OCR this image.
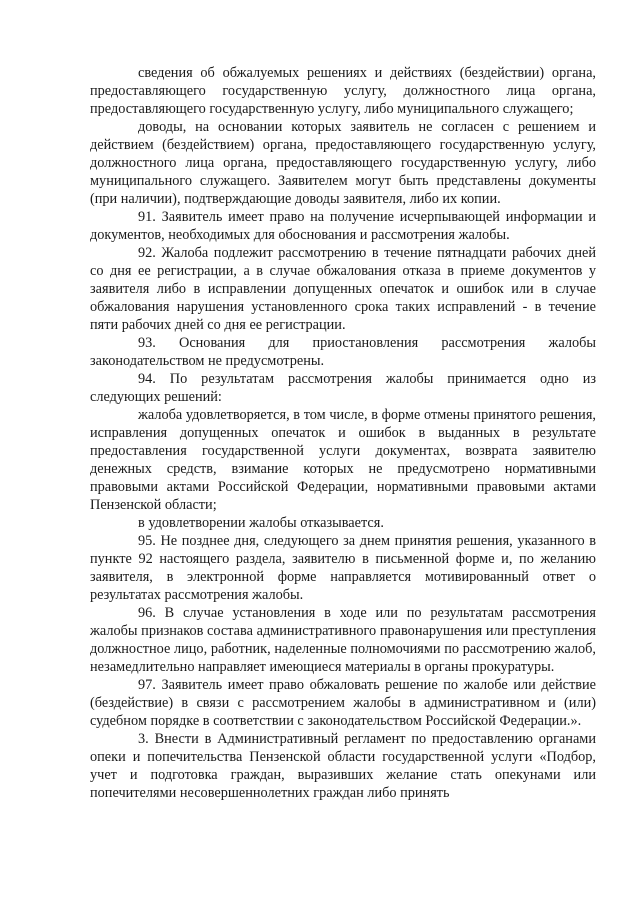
сведения об обжалуемых решениях и действиях (бездействии) органа, предоставляющего государственную услугу, должностного лица органа, предоставляющего государственную услугу, либо муниципального служащего;

доводы, на основании которых заявитель не согласен с решением и действием (бездействием) органа, предоставляющего государственную услугу, должностного лица органа, предоставляющего государственную услугу, либо муниципального служащего. Заявителем могут быть представлены документы (при наличии), подтверждающие доводы заявителя, либо их копии.

91. Заявитель имеет право на получение исчерпывающей информации и документов, необходимых для обоснования и рассмотрения жалобы.

92. Жалоба подлежит рассмотрению в течение пятнадцати рабочих дней со дня ее регистрации, а в случае обжалования отказа в приеме документов у заявителя либо в исправлении допущенных опечаток и ошибок или в случае обжалования нарушения установленного срока таких исправлений - в течение пяти рабочих дней со дня ее регистрации.

93. Основания для приостановления рассмотрения жалобы законодательством не предусмотрены.

94. По результатам рассмотрения жалобы принимается одно из следующих решений:

жалоба удовлетворяется, в том числе, в форме отмены принятого решения, исправления допущенных опечаток и ошибок в выданных в результате предоставления государственной услуги документах, возврата заявителю денежных средств, взимание которых не предусмотрено нормативными правовыми актами Российской Федерации, нормативными правовыми актами Пензенской области;

в удовлетворении жалобы отказывается.

95. Не позднее дня, следующего за днем принятия решения, указанного в пункте 92 настоящего раздела, заявителю в письменной форме и, по желанию заявителя, в электронной форме направляется мотивированный ответ о результатах рассмотрения жалобы.

96. В случае установления в ходе или по результатам рассмотрения жалобы признаков состава административного правонарушения или преступления должностное лицо, работник, наделенные полномочиями по рассмотрению жалоб, незамедлительно направляет имеющиеся материалы в органы прокуратуры.

97. Заявитель имеет право обжаловать решение по жалобе или действие (бездействие) в связи с рассмотрением жалобы в административном и (или) судебном порядке в соответствии с законодательством Российской Федерации.».

3. Внести в Административный регламент по предоставлению органами опеки и попечительства Пензенской области государственной услуги «Подбор, учет и подготовка граждан, выразивших желание стать опекунами или попечителями несовершеннолетних граждан либо принять
